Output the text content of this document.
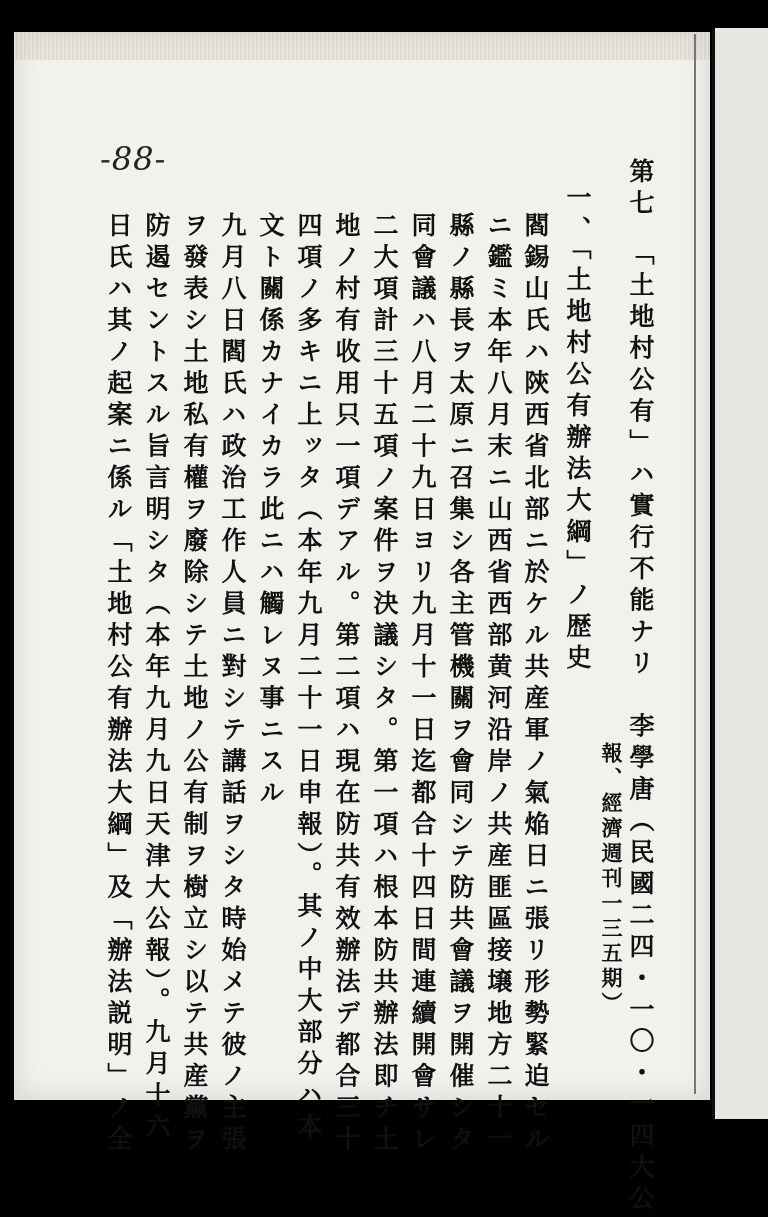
-88-	第七　「土地村公有」ハ實行不能ナリ　李學唐（民國二四・一〇・一四大公
報、經濟週刊一三五期）
一、「土地村公有辦法大綱」ノ歴史
閻錫山氏ハ陝西省北部ニ於ケル共産軍ノ氣焔日ニ張リ形勢緊迫セル
ニ鑑ミ本年八月末ニ山西省西部黄河沿岸ノ共産匪區接壌地方二十一
縣ノ縣長ヲ太原ニ召集シ各主管機關ヲ會同シテ防共會議ヲ開催シタ
同會議ハ八月二十九日ヨリ九月十一日迄都合十四日間連續開會サレ
二大項計三十五項ノ案件ヲ決議シタ。第一項ハ根本防共辦法即チ土
地ノ村有收用只一項デアル。第二項ハ現在防共有效辦法デ都合三十
四項ノ多キニ上ッタ（本年九月二十一日申報）。其ノ中大部分ハ本
文ト關係カナイカラ此ニハ觸レヌ事ニスル
九月八日閻氏ハ政治工作人員ニ對シテ講話ヲシタ時始メテ彼ノ主張
ヲ發表シ土地私有權ヲ廢除シテ土地ノ公有制ヲ樹立シ以テ共産黨ヲ
防遏セントスル旨言明シタ（本年九月九日天津大公報）。九月十六
日氏ハ其ノ起案ニ係ル「土地村公有辦法大綱」及「辦法説明」ノ全
